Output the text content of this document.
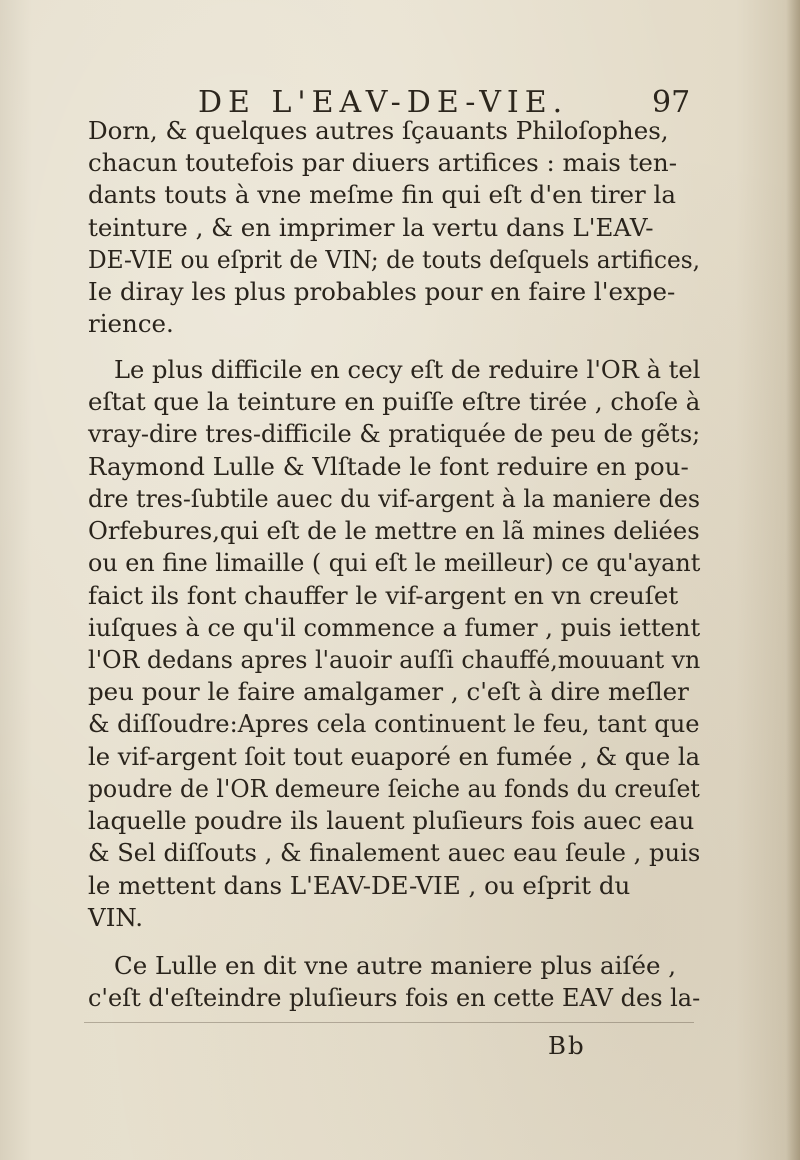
DE L'EAV-DE-VIE.	97
Dorn, & quelques autres ſçauants Philoſophes,
chacun toutefois par diuers artifices : mais ten-
dants touts à vne meſme fin qui eſt d'en tirer la
teinture , & en imprimer la vertu dans L'EAV-
DE-VIE ou eſprit de VIN; de touts deſquels artifices,
Ie diray les plus probables pour en faire l'expe-
rience.
Le plus difficile en cecy eſt de reduire l'OR à tel
eſtat que la teinture en puiſſe eſtre tirée , choſe à
vray-dire tres-difficile & pratiquée de peu de gẽts;
Raymond Lulle & Vlſtade le font reduire en pou-
dre tres-ſubtile auec du vif-argent à la maniere des
Orfebures,qui eſt de le mettre en lã mines deliées
ou en fine limaille ( qui eſt le meilleur) ce qu'ayant
faict ils font chauffer le vif-argent en vn creuſet
iuſques à ce qu'il commence a fumer , puis iettent
l'OR dedans apres l'auoir auſſi chauffé,mouuant vn
peu pour le faire amalgamer , c'eſt à dire meſler
& diſſoudre:Apres cela continuent le feu, tant que
le vif-argent ſoit tout euaporé en fumée , & que la
poudre de l'OR demeure ſeiche au fonds du creuſet
laquelle poudre ils lauent pluſieurs fois auec eau
& Sel diſſouts , & finalement auec eau ſeule , puis
le mettent dans L'EAV-DE-VIE , ou eſprit du
VIN.
Ce Lulle en dit vne autre maniere plus aiſée ,
c'eſt d'eſteindre pluſieurs fois en cette EAV des la-
Bb
